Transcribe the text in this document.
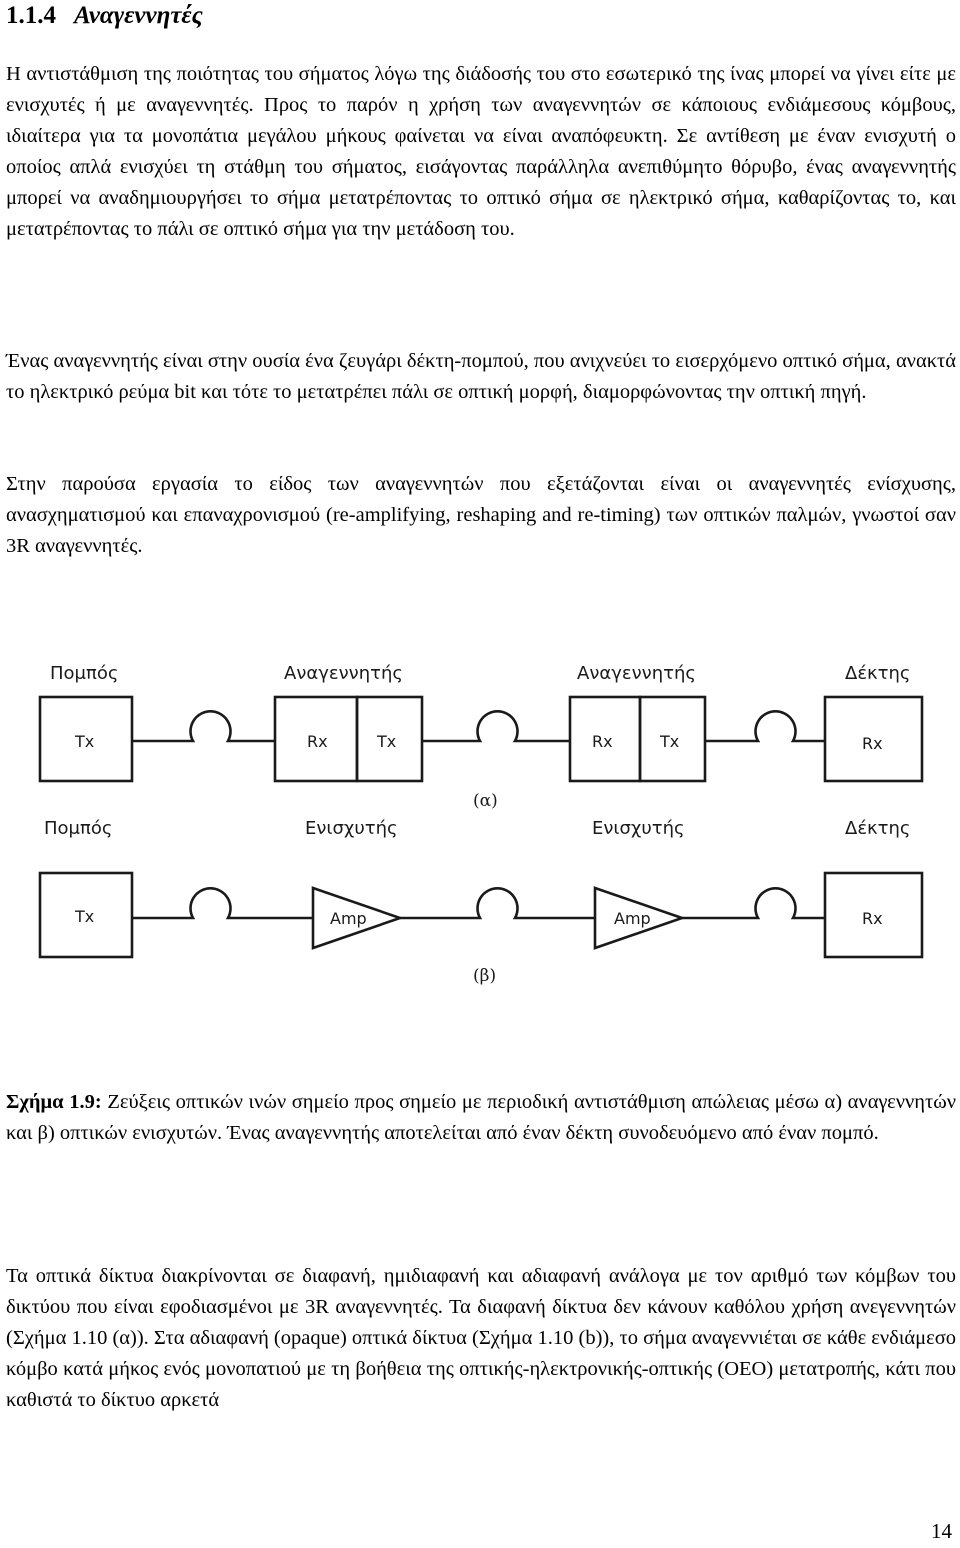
1.1.4 Αναγεννητές

Η αντιστάθμιση της ποιότητας του σήματος λόγω της διάδοσής του στο εσωτερικό της ίνας μπορεί να γίνει είτε με ενισχυτές ή με αναγεννητές. Προς το παρόν η χρήση των αναγεννητών σε κάποιους ενδιάμεσους κόμβους, ιδιαίτερα για τα μονοπάτια μεγάλου μήκους φαίνεται να είναι αναπόφευκτη. Σε αντίθεση με έναν ενισχυτή ο οποίος απλά ενισχύει τη στάθμη του σήματος, εισάγοντας παράλληλα ανεπιθύμητο θόρυβο, ένας αναγεννητής μπορεί να αναδημιουργήσει το σήμα μετατρέποντας το οπτικό σήμα σε ηλεκτρικό σήμα, καθαρίζοντας το, και μετατρέποντας το πάλι σε οπτικό σήμα για την μετάδοση του.

Ένας αναγεννητής είναι στην ουσία ένα ζευγάρι δέκτη-πομπού, που ανιχνεύει το εισερχόμενο οπτικό σήμα, ανακτά το ηλεκτρικό ρεύμα bit και τότε το μετατρέπει πάλι σε οπτική μορφή, διαμορφώνοντας την οπτική πηγή.

Στην παρούσα εργασία το είδος των αναγεννητών που εξετάζονται είναι οι αναγεννητές ενίσχυσης, ανασχηματισμού και επαναχρονισμού (re-amplifying, reshaping and re-timing) των οπτικών παλμών, γνωστοί σαν 3R αναγεννητές.

Πομπός	Αναγεννητής	Αναγεννητής	Δέκτης
Tx	Rx	Tx	Rx	Tx	Rx
(α)
Πομπός	Ενισχυτής	Ενισχυτής	Δέκτης
Tx	Amp	Amp	Rx
(β)

Σχήμα 1.9: Ζεύξεις οπτικών ινών σημείο προς σημείο με περιοδική αντιστάθμιση απώλειας μέσω α) αναγεννητών και β) οπτικών ενισχυτών. Ένας αναγεννητής αποτελείται από έναν δέκτη συνοδευόμενο από έναν πομπό.

Τα οπτικά δίκτυα διακρίνονται σε διαφανή, ημιδιαφανή και αδιαφανή ανάλογα με τον αριθμό των κόμβων του δικτύου που είναι εφοδιασμένοι με 3R αναγεννητές. Τα διαφανή δίκτυα δεν κάνουν καθόλου χρήση ανεγεννητών (Σχήμα 1.10 (α)). Στα αδιαφανή (opaque) οπτικά δίκτυα (Σχήμα 1.10 (b)), το σήμα αναγεννιέται σε κάθε ενδιάμεσο κόμβο κατά μήκος ενός μονοπατιού με τη βοήθεια της οπτικής-ηλεκτρονικής-οπτικής (OEO) μετατροπής, κάτι που καθιστά το δίκτυο αρκετά

14
